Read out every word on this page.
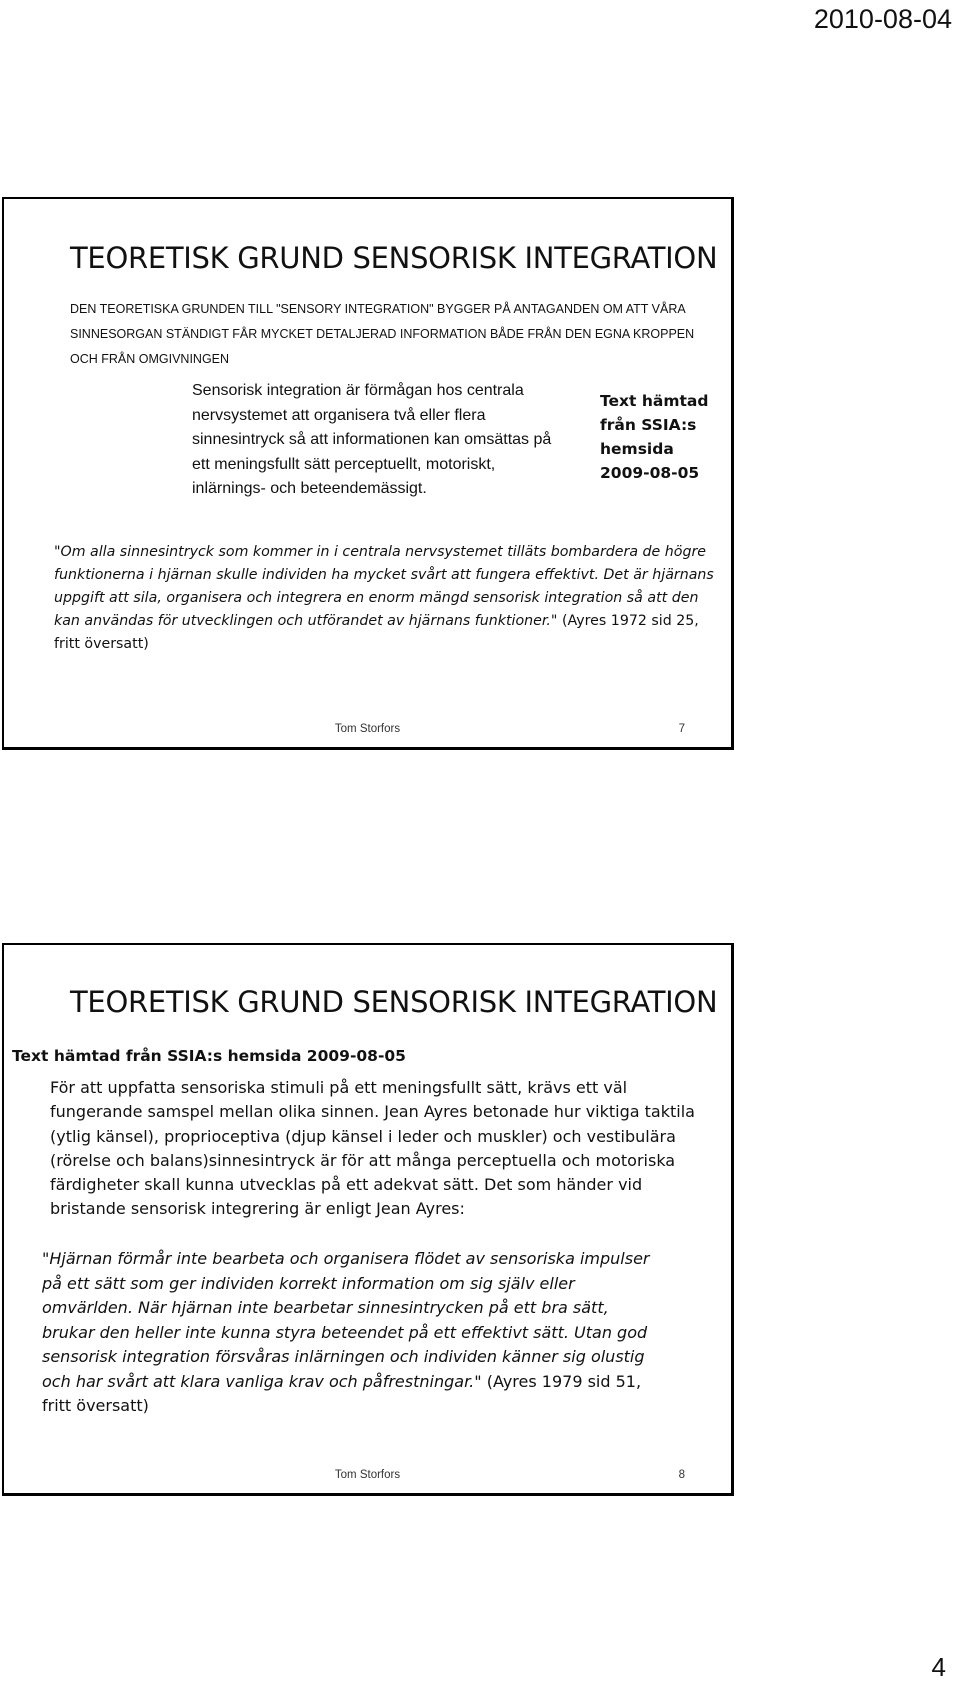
2010-08-04
TEORETISK GRUND SENSORISK INTEGRATION
DEN TEORETISKA GRUNDEN TILL "SENSORY INTEGRATION" BYGGER PÅ ANTAGANDEN OM ATT VÅRA SINNESORGAN STÄNDIGT FÅR MYCKET DETALJERAD INFORMATION BÅDE FRÅN DEN EGNA KROPPEN OCH FRÅN OMGIVNINGEN
Sensorisk integration är förmågan hos centrala nervsystemet att organisera två eller flera sinnesintryck så att informationen kan omsättas på ett meningsfullt sätt perceptuellt, motoriskt, inlärnings- och beteendemässigt.
Text hämtad från SSIA:s hemsida 2009-08-05
"Om alla sinnesintryck som kommer in i centrala nervsystemet tilläts bombardera de högre funktionerna i hjärnan skulle individen ha mycket svårt att fungera effektivt. Det är hjärnans uppgift att sila, organisera och integrera en enorm mängd sensorisk integration så att den kan användas för utvecklingen och utförandet av hjärnans funktioner." (Ayres 1972 sid 25, fritt översatt)
Tom Storfors	7
TEORETISK GRUND SENSORISK INTEGRATION
Text hämtad från SSIA:s hemsida 2009-08-05
För att uppfatta sensoriska stimuli på ett meningsfullt sätt, krävs ett väl fungerande samspel mellan olika sinnen. Jean Ayres betonade hur viktiga taktila (ytlig känsel), proprioceptiva (djup känsel i leder och muskler) och vestibulära (rörelse och balans)sinnesintryck är för att många perceptuella och motoriska färdigheter skall kunna utvecklas på ett adekvat sätt. Det som händer vid bristande sensorisk integrering är enligt Jean Ayres:
"Hjärnan förmår inte bearbeta och organisera flödet av sensoriska impulser på ett sätt som ger individen korrekt information om sig själv eller omvärlden. När hjärnan inte bearbetar sinnesintrycken på ett bra sätt, brukar den heller inte kunna styra beteendet på ett effektivt sätt. Utan god sensorisk integration försvåras inlärningen och individen känner sig olustig och har svårt att klara vanliga krav och påfrestningar." (Ayres 1979 sid 51, fritt översatt)
Tom Storfors	8
4
